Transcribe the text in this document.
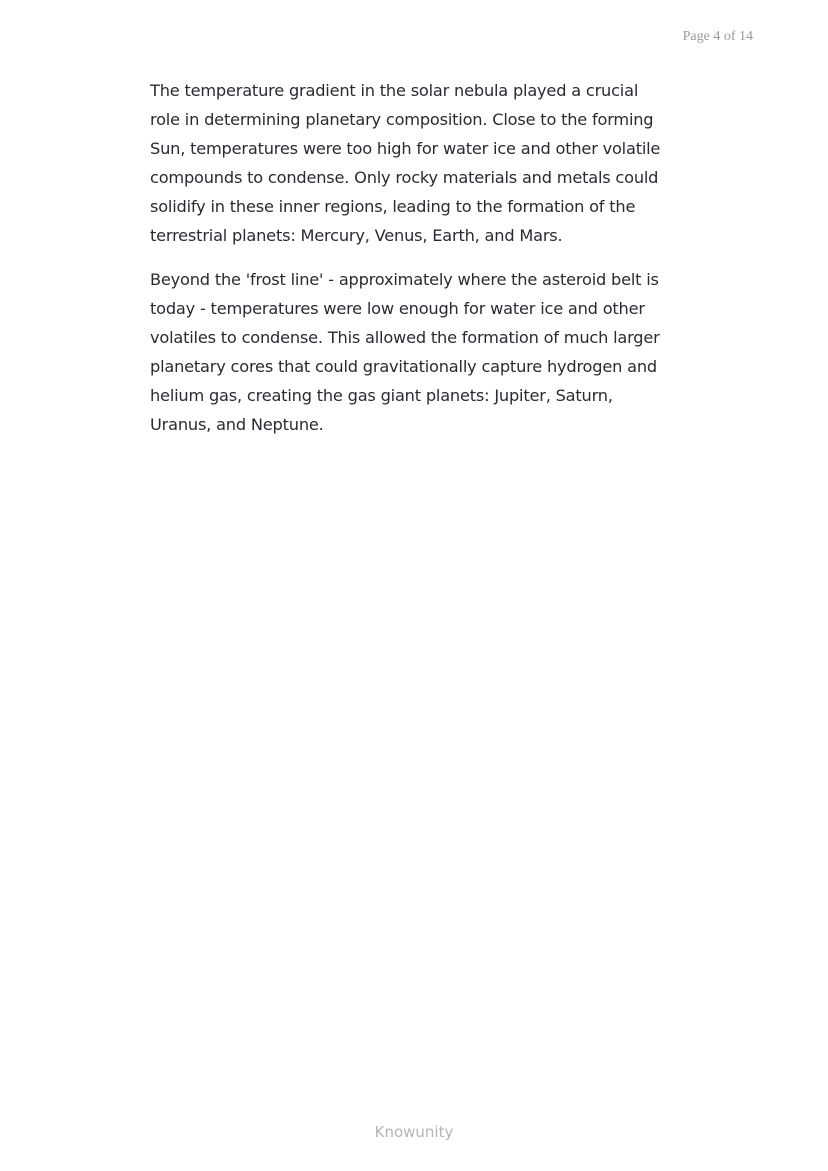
Page 4 of 14

The temperature gradient in the solar nebula played a crucial
role in determining planetary composition. Close to the forming
Sun, temperatures were too high for water ice and other volatile
compounds to condense. Only rocky materials and metals could
solidify in these inner regions, leading to the formation of the
terrestrial planets: Mercury, Venus, Earth, and Mars.

Beyond the 'frost line' - approximately where the asteroid belt is
today - temperatures were low enough for water ice and other
volatiles to condense. This allowed the formation of much larger
planetary cores that could gravitationally capture hydrogen and
helium gas, creating the gas giant planets: Jupiter, Saturn,
Uranus, and Neptune.

Knowunity
